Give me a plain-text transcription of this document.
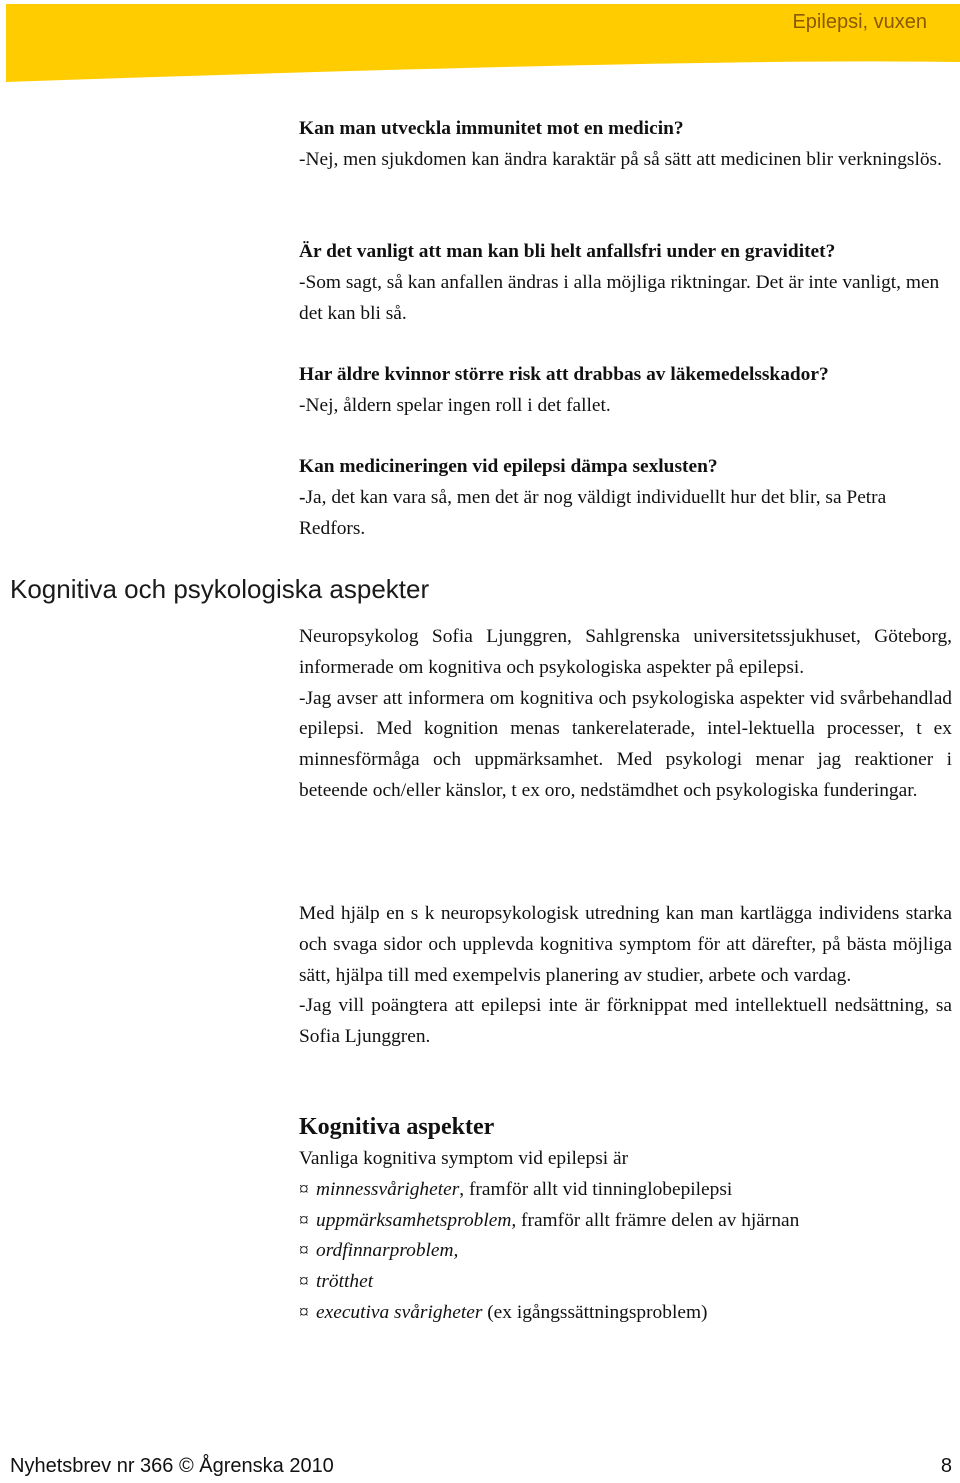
Epilepsi, vuxen

Kan man utveckla immunitet mot en medicin?

-Nej, men sjukdomen kan ändra karaktär på så sätt att medicinen blir verkningslös.

Är det vanligt att man kan bli helt anfallsfri under en graviditet?

-Som sagt, så kan anfallen ändras i alla möjliga riktningar. Det är inte vanligt, men det kan bli så.

Har äldre kvinnor större risk att drabbas av läkemedelsskador?

-Nej, åldern spelar ingen roll i det fallet.

Kan medicineringen vid epilepsi dämpa sexlusten?

-Ja, det kan vara så, men det är nog väldigt individuellt hur det blir, sa Petra Redfors.

Kognitiva och psykologiska aspekter

Neuropsykolog Sofia Ljunggren, Sahlgrenska universitetssjukhuset, Göteborg, informerade om kognitiva och psykologiska aspekter på epilepsi.

-Jag avser att informera om kognitiva och psykologiska aspekter vid svårbehandlad epilepsi. Med kognition menas tankerelaterade, intel-lektuella processer, t ex minnesförmåga och uppmärksamhet. Med psykologi menar jag reaktioner i beteende och/eller känslor, t ex oro, nedstämdhet och psykologiska funderingar.

Med hjälp en s k neuropsykologisk utredning kan man kartlägga individens starka och svaga sidor och upplevda kognitiva symptom för att därefter, på bästa möjliga sätt, hjälpa till med exempelvis planering av studier, arbete och vardag.

-Jag vill poängtera att epilepsi inte är förknippat med intellektuell nedsättning, sa Sofia Ljunggren.

Kognitiva aspekter

Vanliga kognitiva symptom vid epilepsi är

¤ minnessvårigheter, framför allt vid tinninglobepilepsi
¤ uppmärksamhetsproblem, framför allt främre delen av hjärnan
¤ ordfinnarproblem,
¤ trötthet
¤ executiva svårigheter (ex igångssättningsproblem)
Nyhetsbrev nr 366 © Ågrenska 2010	8
